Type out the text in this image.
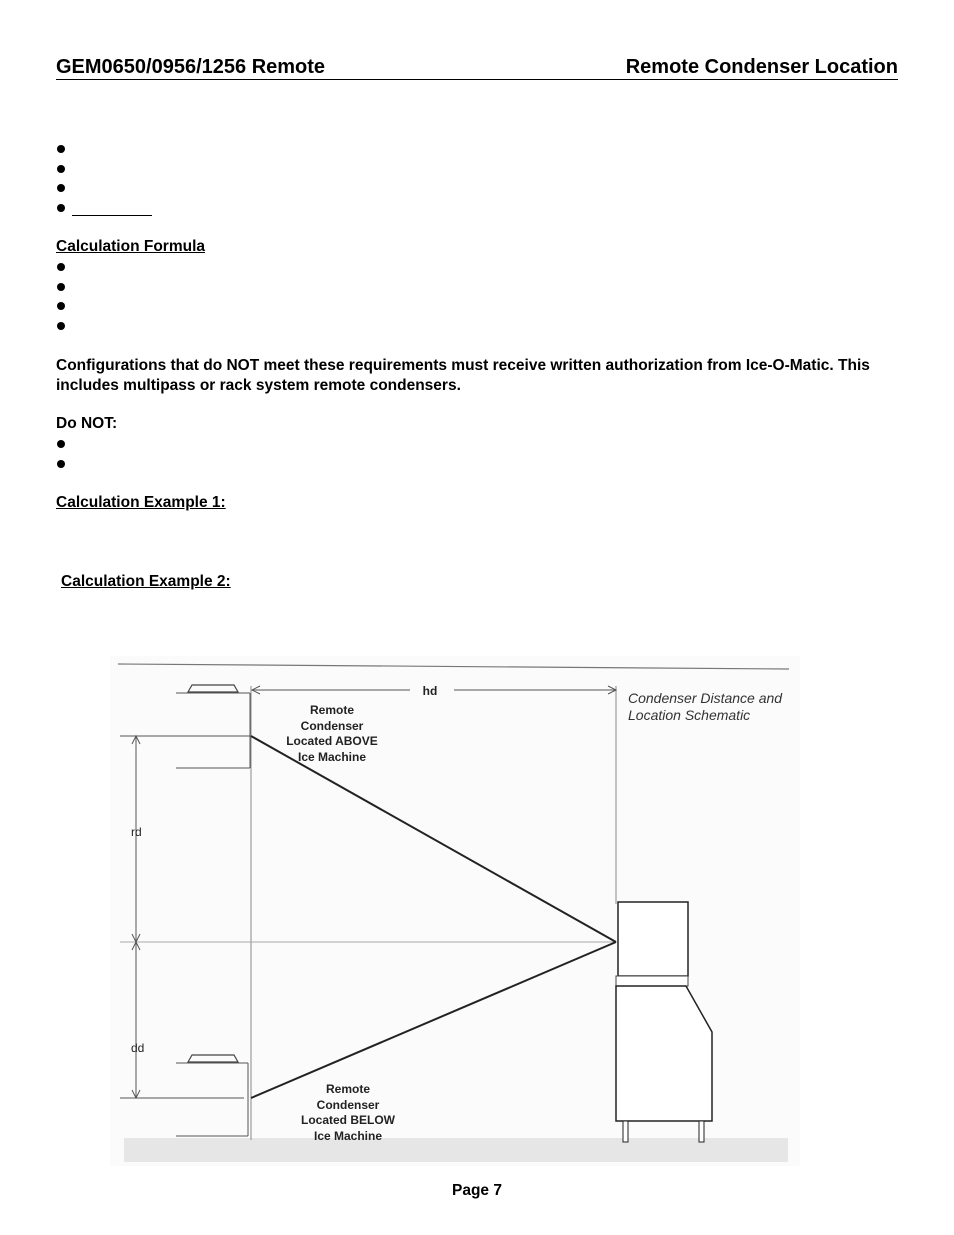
GEM0650/0956/1256 Remote	Remote Condenser Location
Calculation Formula
Configurations that do NOT meet these requirements must receive written authorization from Ice-O-Matic. This includes multipass or rack system remote condensers.
Do NOT:
Calculation Example 1:
Calculation Example 2:
hd
rd
dd
Condenser Distance and
Location Schematic
Remote
Condenser
Located ABOVE
Ice Machine
Remote
Condenser
Located BELOW
Ice Machine
Page 7
